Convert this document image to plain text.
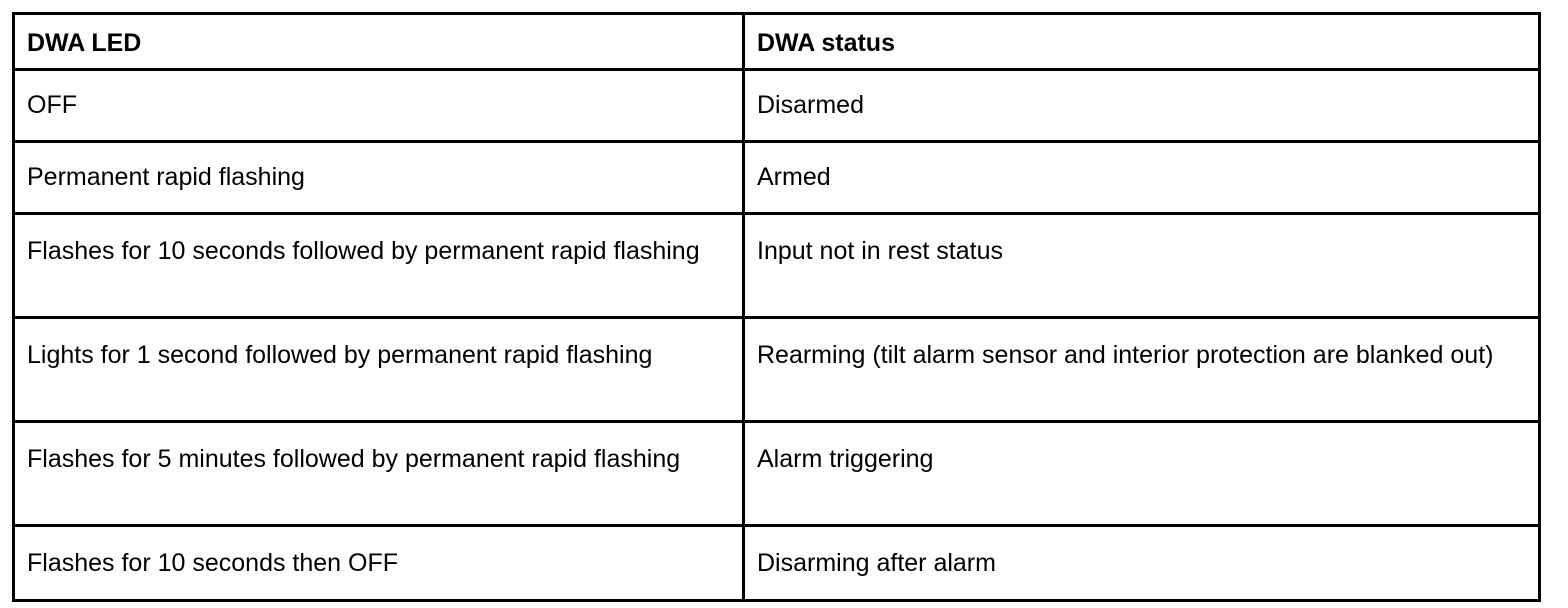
DWA LED	DWA status
OFF	Disarmed
Permanent rapid flashing	Armed
Flashes for 10 seconds followed by permanent rapid flashing	Input not in rest status
Lights for 1 second followed by permanent rapid flashing	Rearming (tilt alarm sensor and interior protection are blanked out)
Flashes for 5 minutes followed by permanent rapid flashing	Alarm triggering
Flashes for 10 seconds then OFF	Disarming after alarm
